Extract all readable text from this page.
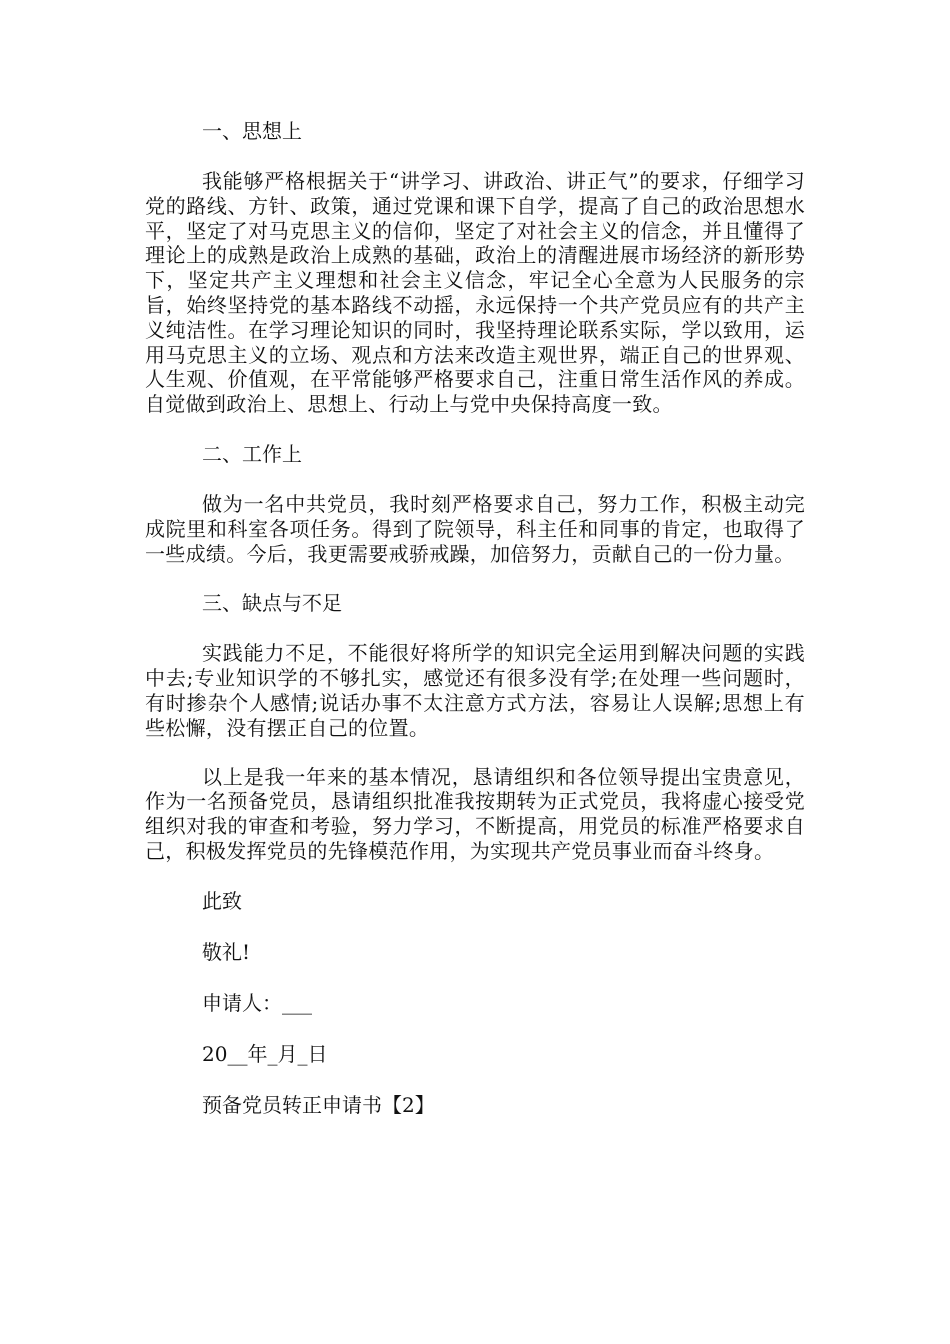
一、思想上

我能够严格根据关于“讲学习、讲政治、讲正气”的要求，仔细学习党的路线、方针、政策，通过党课和课下自学，提高了自己的政治思想水平，坚定了对马克思主义的信仰，坚定了对社会主义的信念，并且懂得了理论上的成熟是政治上成熟的基础，政治上的清醒进展市场经济的新形势下，坚定共产主义理想和社会主义信念，牢记全心全意为人民服务的宗旨，始终坚持党的基本路线不动摇，永远保持一个共产党员应有的共产主义纯洁性。在学习理论知识的同时，我坚持理论联系实际，学以致用，运用马克思主义的立场、观点和方法来改造主观世界，端正自己的世界观、人生观、价值观，在平常能够严格要求自己，注重日常生活作风的养成。自觉做到政治上、思想上、行动上与党中央保持高度一致。

二、工作上

做为一名中共党员，我时刻严格要求自己，努力工作，积极主动完成院里和科室各项任务。得到了院领导，科主任和同事的肯定，也取得了一些成绩。今后，我更需要戒骄戒躁，加倍努力，贡献自己的一份力量。

三、缺点与不足

实践能力不足，不能很好将所学的知识完全运用到解决问题的实践中去;专业知识学的不够扎实，感觉还有很多没有学;在处理一些问题时，有时掺杂个人感情;说话办事不太注意方式方法，容易让人误解;思想上有些松懈，没有摆正自己的位置。

以上是我一年来的基本情况，恳请组织和各位领导提出宝贵意见，作为一名预备党员，恳请组织批准我按期转为正式党员，我将虚心接受党组织对我的审查和考验，努力学习，不断提高，用党员的标准严格要求自己，积极发挥党员的先锋模范作用，为实现共产党员事业而奋斗终身。

此致

敬礼!

申请人：___

20__年_月_日

预备党员转正申请书【2】
